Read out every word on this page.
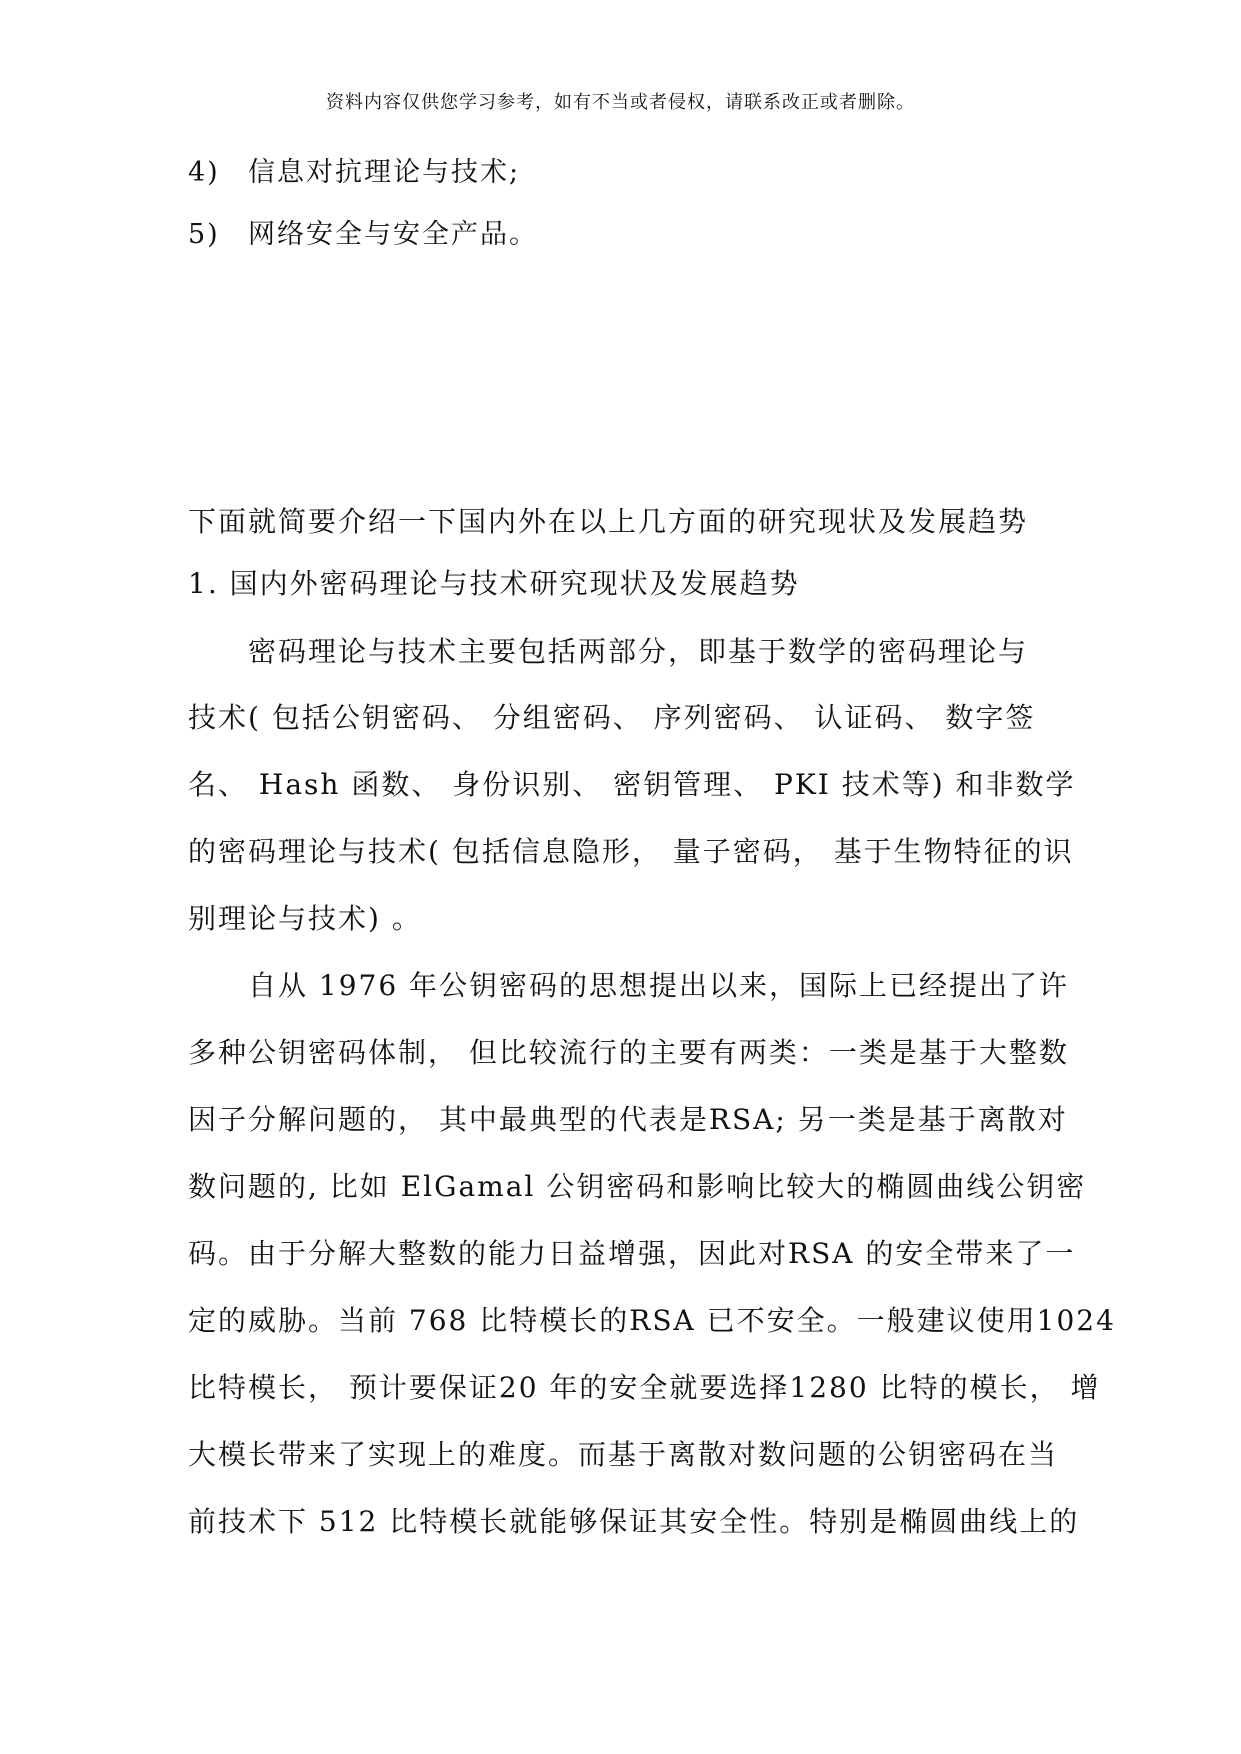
资料内容仅供您学习参考，如有不当或者侵权，请联系改正或者删除。
4) 信息对抗理论与技术;
5) 网络安全与安全产品。
下面就简要介绍一下国内外在以上几方面的研究现状及发展趋势
1. 国内外密码理论与技术研究现状及发展趋势
　　密码理论与技术主要包括两部分，即基于数学的密码理论与
技术( 包括公钥密码、 分组密码、 序列密码、 认证码、 数字签
名、 Hash 函数、 身份识别、 密钥管理、 PKI 技术等) 和非数学
的密码理论与技术( 包括信息隐形， 量子密码， 基于生物特征的识
别理论与技术) 。
　　自从 1976 年公钥密码的思想提出以来，国际上已经提出了许
多种公钥密码体制， 但比较流行的主要有两类：一类是基于大整数
因子分解问题的， 其中最典型的代表是RSA; 另一类是基于离散对
数问题的, 比如 ElGamal 公钥密码和影响比较大的椭圆曲线公钥密
码。由于分解大整数的能力日益增强，因此对RSA 的安全带来了一
定的威胁。当前 768 比特模长的RSA 已不安全。一般建议使用1024
比特模长， 预计要保证20 年的安全就要选择1280 比特的模长， 增
大模长带来了实现上的难度。而基于离散对数问题的公钥密码在当
前技术下 512 比特模长就能够保证其安全性。特别是椭圆曲线上的
